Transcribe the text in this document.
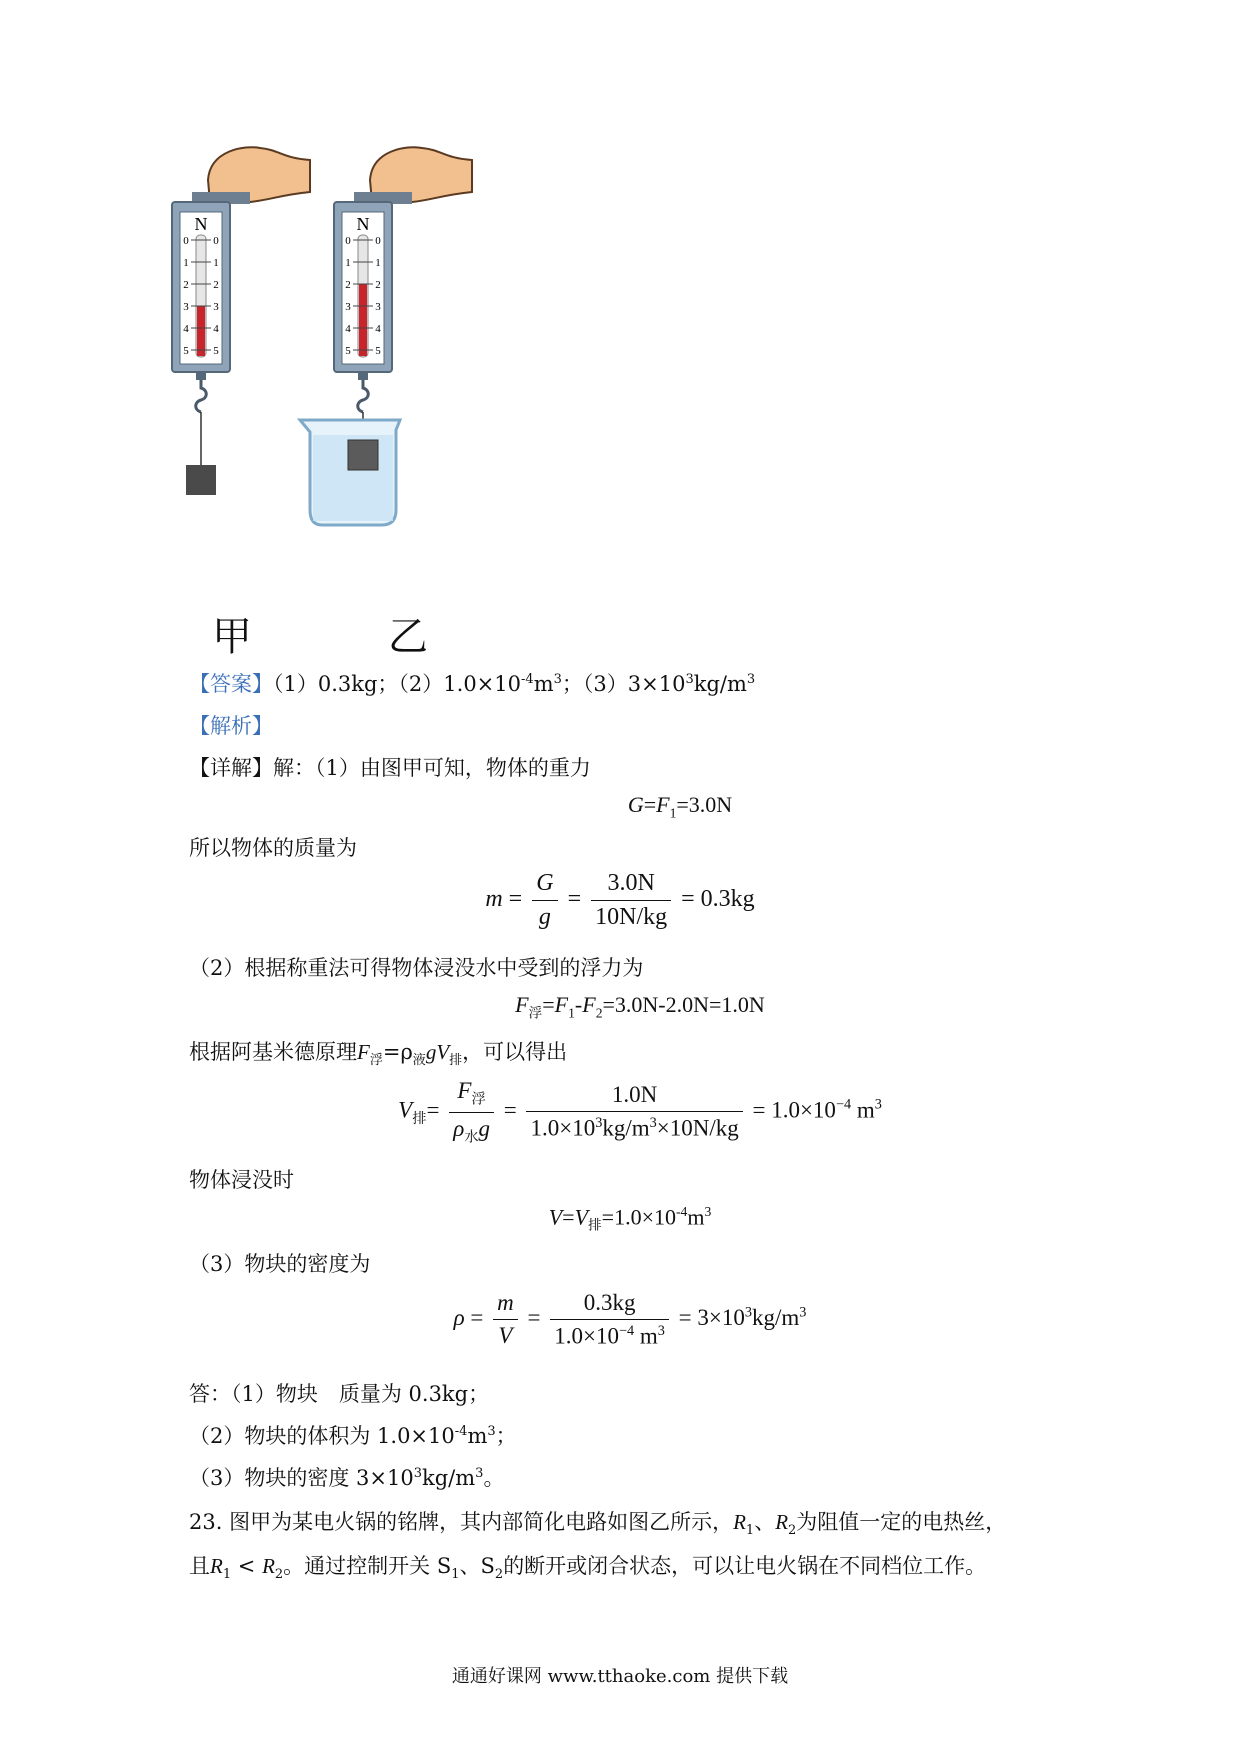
N
0 0
1 1
2 2
3 3
4 4
5 5
N
0 0
1 1
2 2
3 3
4 4
5 5
甲	乙
【答案】（1）0.3kg；$(2)1.0\times 10^{-4}m^3$；$(3)3\times 10^3kg/m^3$
【解析】
【详解】解：（1）由图甲可知，物体的重力
$G=F_1=3.0N$
所以物体的质量为
$m = \frac{G}{g} = \frac{3.0N}{10N/kg} = 0.3kg$
（2）根据称重法可得物体浸没水中受到的浮力为
$F_浮=F_1-F_2=3.0N-2.0N=1.0N$
根据阿基米德原理$F_浮=\rho_液gV_排$，可以得出
$V_排= \frac{F_浮}{\rho_水g} = \frac{1.0N}{1.0\times 10^3kg/m^3\times 10N/kg} = 1.0\times 10^{-4}$ $m^3$
物体浸没时
$V=V_排=1.0\times 10^{-4}m^3$
（3）物块的密度为
$\rho = \frac{m}{V} = \frac{0.3kg}{1.0\times 10^{-4} m^3} = 3\times 10^3kg/m^3$
答：（1）物块　质量为 0.3kg；
（2）物块的体积为 $1.0\times 10^{-4}m^3$；
（3）物块的密度 $3\times 10^3kg/m^3$。
23. 图甲为某电火锅的铭牌，其内部简化电路如图乙所示，$R_1$、$R_2$为阻值一定的电热丝，
且$R_1 < R_2$。通过控制开关 $S_1$、$S_2$的断开或闭合状态，可以让电火锅在不同档位工作。
通通好课网 www.tthaoke.com 提供下载
